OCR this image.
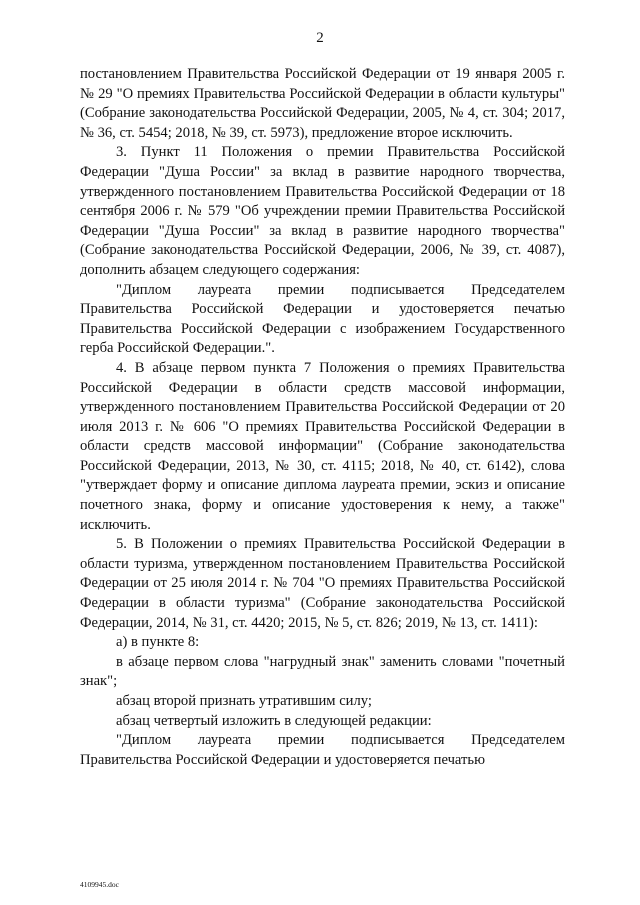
2

постановлением Правительства Российской Федерации от 19 января 2005 г. № 29 "О премиях Правительства Российской Федерации в области культуры" (Собрание законодательства Российской Федерации, 2005, № 4, ст. 304; 2017, № 36, ст. 5454; 2018, № 39, ст. 5973), предложение второе исключить.

3. Пункт 11 Положения о премии Правительства Российской Федерации "Душа России" за вклад в развитие народного творчества, утвержденного постановлением Правительства Российской Федерации от 18 сентября 2006 г. № 579 "Об учреждении премии Правительства Российской Федерации "Душа России" за вклад в развитие народного творчества" (Собрание законодательства Российской Федерации, 2006, № 39, ст. 4087), дополнить абзацем следующего содержания:

"Диплом лауреата премии подписывается Председателем Правительства Российской Федерации и удостоверяется печатью Правительства Российской Федерации с изображением Государственного герба Российской Федерации.".

4. В абзаце первом пункта 7 Положения о премиях Правительства Российской Федерации в области средств массовой информации, утвержденного постановлением Правительства Российской Федерации от 20 июля 2013 г. № 606 "О премиях Правительства Российской Федерации в области средств массовой информации" (Собрание законодательства Российской Федерации, 2013, № 30, ст. 4115; 2018, № 40, ст. 6142), слова "утверждает форму и описание диплома лауреата премии, эскиз и описание почетного знака, форму и описание удостоверения к нему, а также" исключить.

5. В Положении о премиях Правительства Российской Федерации в области туризма, утвержденном постановлением Правительства Российской Федерации от 25 июля 2014 г. № 704 "О премиях Правительства Российской Федерации в области туризма" (Собрание законодательства Российской Федерации, 2014, № 31, ст. 4420; 2015, № 5, ст. 826; 2019, № 13, ст. 1411):

а) в пункте 8:

в абзаце первом слова "нагрудный знак" заменить словами "почетный знак";

абзац второй признать утратившим силу;

абзац четвертый изложить в следующей редакции:

"Диплом лауреата премии подписывается Председателем Правительства Российской Федерации и удостоверяется печатью

4109945.doc
